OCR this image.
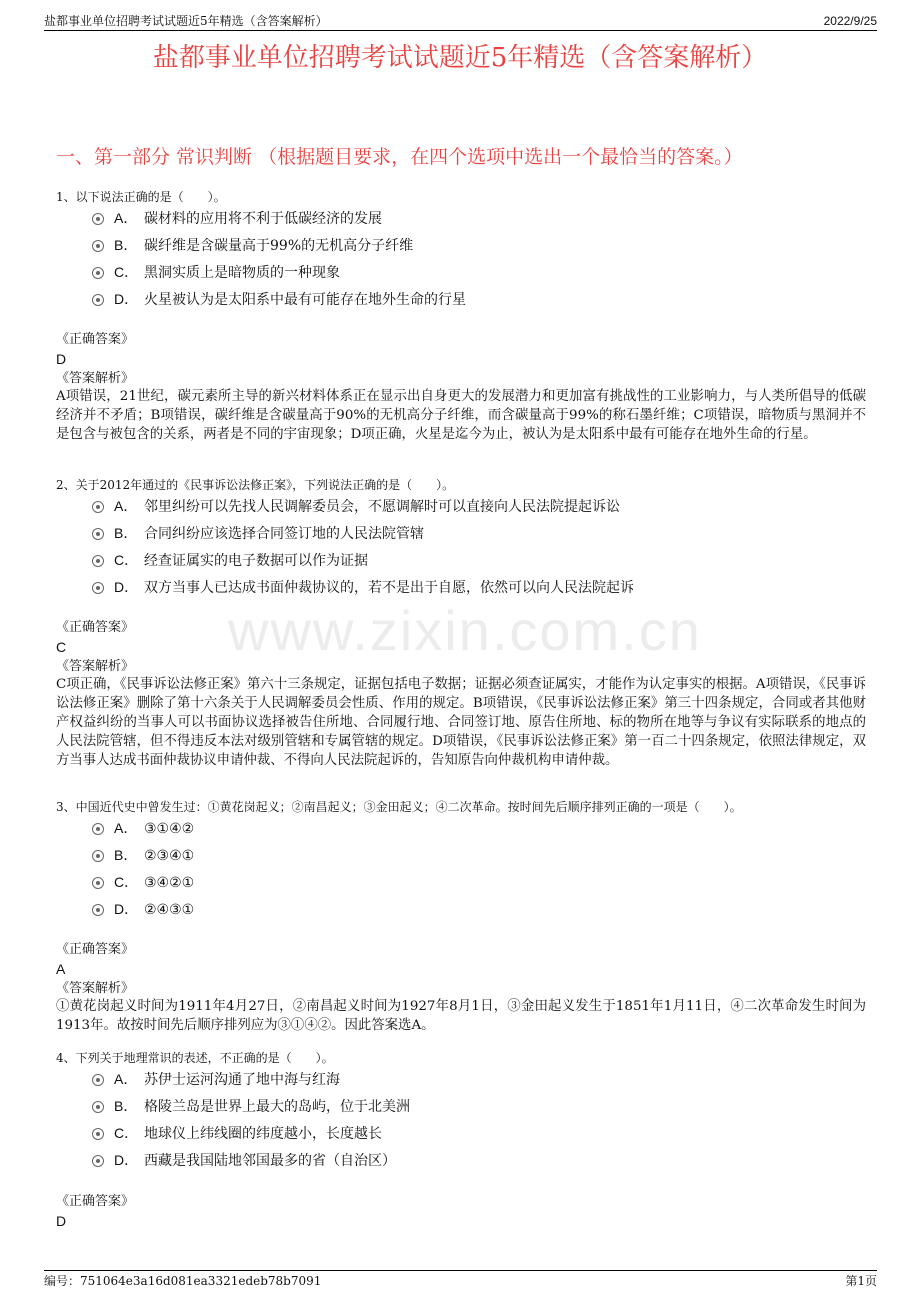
盐都事业单位招聘考试试题近5年精选（含答案解析）	2022/9/25
盐都事业单位招聘考试试题近5年精选（含答案解析）
一、第一部分 常识判断 （根据题目要求，在四个选项中选出一个最恰当的答案。）
www.zixin.com.cn
1、以下说法正确的是（　　）。
A． 碳材料的应用将不利于低碳经济的发展
B． 碳纤维是含碳量高于99%的无机高分子纤维
C． 黑洞实质上是暗物质的一种现象
D． 火星被认为是太阳系中最有可能存在地外生命的行星
《正确答案》
D
《答案解析》
A项错误，21世纪，碳元素所主导的新兴材料体系正在显示出自身更大的发展潜力和更加富有挑战性的工业影响力，与人类所倡导的低碳经济并不矛盾；B项错误，碳纤维是含碳量高于90%的无机高分子纤维，而含碳量高于99%的称石墨纤维；C项错误，暗物质与黑洞并不是包含与被包含的关系，两者是不同的宇宙现象；D项正确，火星是迄今为止，被认为是太阳系中最有可能存在地外生命的行星。
2、关于2012年通过的《民事诉讼法修正案》，下列说法正确的是（　　）。
A． 邻里纠纷可以先找人民调解委员会，不愿调解时可以直接向人民法院提起诉讼
B． 合同纠纷应该选择合同签订地的人民法院管辖
C． 经查证属实的电子数据可以作为证据
D． 双方当事人已达成书面仲裁协议的，若不是出于自愿，依然可以向人民法院起诉
《正确答案》
C
《答案解析》
C项正确，《民事诉讼法修正案》第六十三条规定，证据包括电子数据；证据必须查证属实，才能作为认定事实的根据。A项错误，《民事诉讼法修正案》删除了第十六条关于人民调解委员会性质、作用的规定。B项错误，《民事诉讼法修正案》第三十四条规定，合同或者其他财产权益纠纷的当事人可以书面协议选择被告住所地、合同履行地、合同签订地、原告住所地、标的物所在地等与争议有实际联系的地点的人民法院管辖，但不得违反本法对级别管辖和专属管辖的规定。D项错误，《民事诉讼法修正案》第一百二十四条规定，依照法律规定，双方当事人达成书面仲裁协议申请仲裁、不得向人民法院起诉的，告知原告向仲裁机构申请仲裁。
3、中国近代史中曾发生过：①黄花岗起义；②南昌起义；③金田起义；④二次革命。按时间先后顺序排列正确的一项是（　　）。
A． ③①④②
B． ②③④①
C． ③④②①
D． ②④③①
《正确答案》
A
《答案解析》
①黄花岗起义时间为1911年4月27日，②南昌起义时间为1927年8月1日，③金田起义发生于1851年1月11日，④二次革命发生时间为1913年。故按时间先后顺序排列应为③①④②。因此答案选A。
4、下列关于地理常识的表述，不正确的是（　　）。
A． 苏伊士运河沟通了地中海与红海
B． 格陵兰岛是世界上最大的岛屿，位于北美洲
C． 地球仪上纬线圈的纬度越小，长度越长
D． 西藏是我国陆地邻国最多的省（自治区）
《正确答案》
D
编号：751064e3a16d081ea3321edeb78b7091	第1页
